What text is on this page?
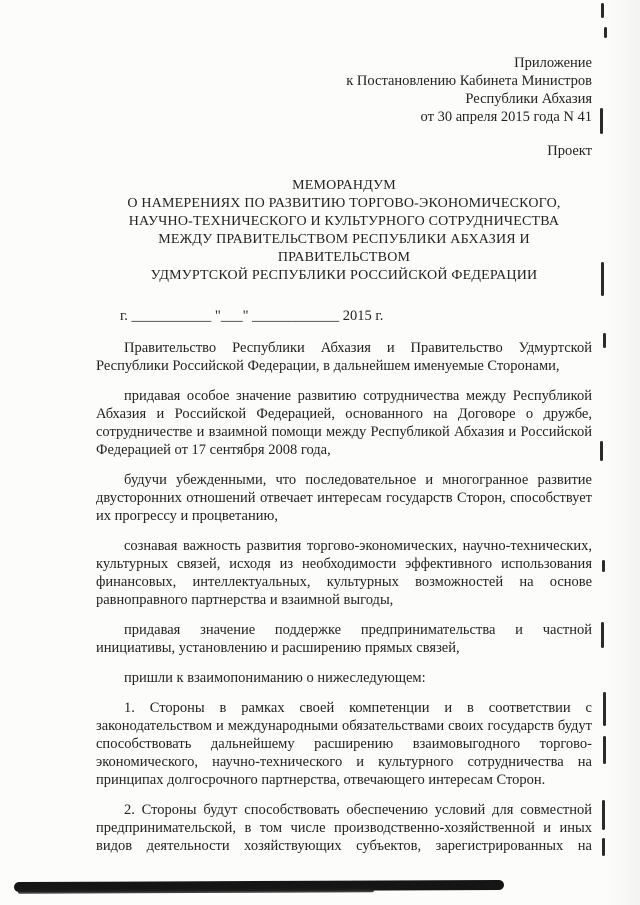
Приложение
к Постановлению Кабинета Министров
Республики Абхазия
от 30 апреля 2015 года N 41
Проект
МЕМОРАНДУМ
О НАМЕРЕНИЯХ ПО РАЗВИТИЮ ТОРГОВО-ЭКОНОМИЧЕСКОГО,
НАУЧНО-ТЕХНИЧЕСКОГО И КУЛЬТУРНОГО СОТРУДНИЧЕСТВА
МЕЖДУ ПРАВИТЕЛЬСТВОМ РЕСПУБЛИКИ АБХАЗИЯ И
ПРАВИТЕЛЬСТВОМ
УДМУРТСКОЙ РЕСПУБЛИКИ РОССИЙСКОЙ ФЕДЕРАЦИИ
г. ___________ "___" ____________ 2015 г.

Правительство Республики Абхазия и Правительство Удмуртской Республики Российской Федерации, в дальнейшем именуемые Сторонами,

придавая особое значение развитию сотрудничества между Республикой Абхазия и Российской Федерацией, основанного на Договоре о дружбе, сотрудничестве и взаимной помощи между Республикой Абхазия и Российской Федерацией от 17 сентября 2008 года,

будучи убежденными, что последовательное и многогранное развитие двусторонних отношений отвечает интересам государств Сторон, способствует их прогрессу и процветанию,

сознавая важность развития торгово-экономических, научно-технических, культурных связей, исходя из необходимости эффективного использования финансовых, интеллектуальных, культурных возможностей на основе равноправного партнерства и взаимной выгоды,

придавая значение поддержке предпринимательства и частной инициативы, установлению и расширению прямых связей,

пришли к взаимопониманию о нижеследующем:

1. Стороны в рамках своей компетенции и в соответствии с законодательством и международными обязательствами своих государств будут способствовать дальнейшему расширению взаимовыгодного торгово-экономического, научно-технического и культурного сотрудничества на принципах долгосрочного партнерства, отвечающего интересам Сторон.

2. Стороны будут способствовать обеспечению условий для совместной предпринимательской, в том числе производственно-хозяйственной и иных видов деятельности хозяйствующих субъектов, зарегистрированных на
